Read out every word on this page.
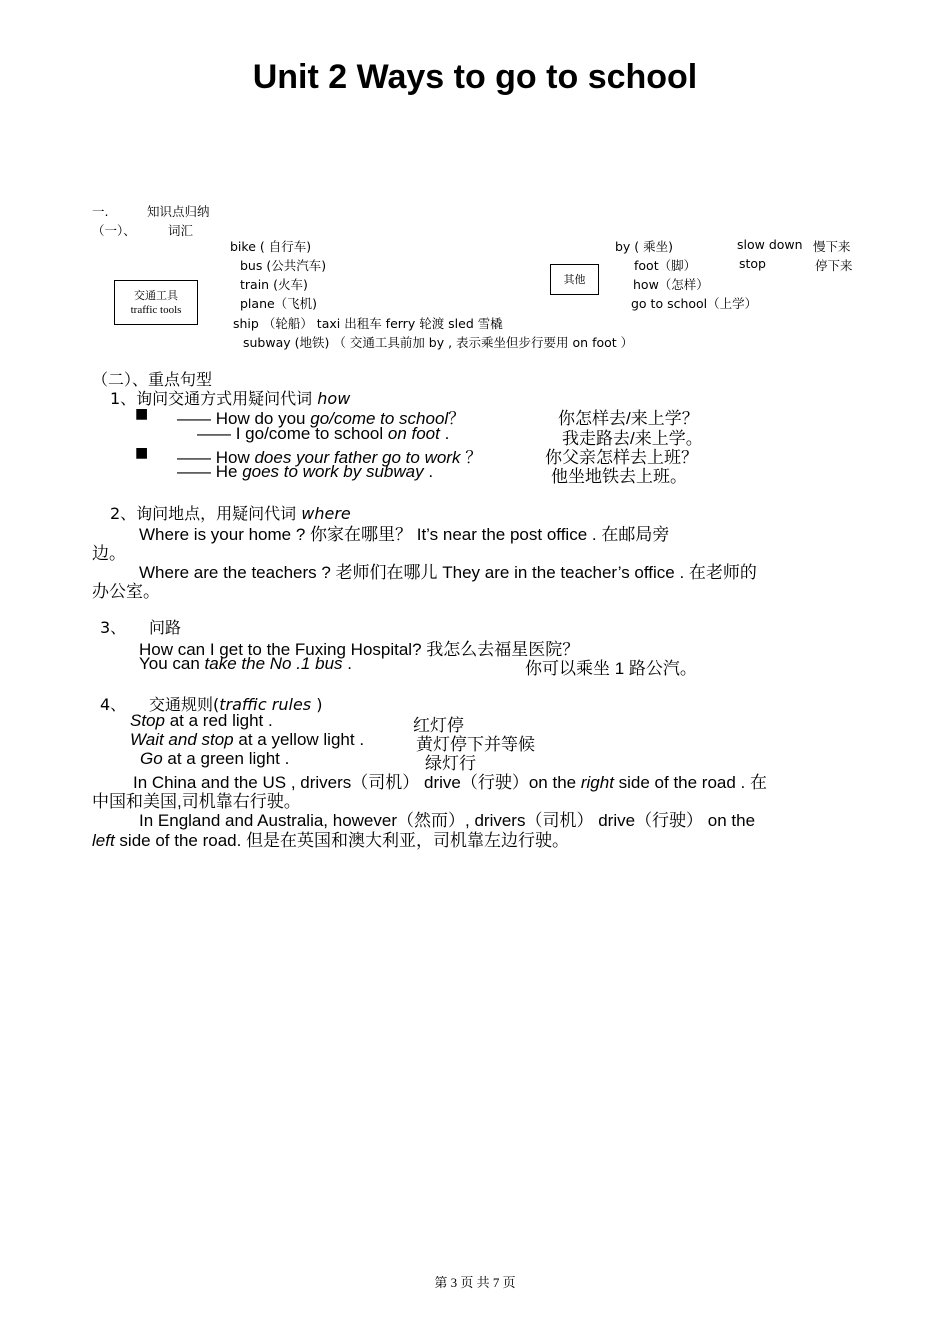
Unit 2 Ways to go to school
一.	知识点归纳
（一）、	词汇
bike ( 自行车)
bus (公共汽车)
train (火车)
plane（飞机)
ship （轮船） taxi 出租车 ferry 轮渡 sled 雪橇
subway (地铁) （ 交通工具前加 by , 表示乘坐但步行要用 on foot ）
交通工具
traffic tools
其他
by ( 乘坐)
foot（脚）
how（怎样）
go to school（上学）
slow down 慢下来
stop	停下来
（二）、重点句型
1、询问交通方式用疑问代词 how
■ —— How do you go/come to school？	你怎样去/来上学？
—— I go/come to school on foot .	我走路去/来上学。
■ —— How does your father go to work ？	你父亲怎样去上班？
—— He goes to work by subway .	他坐地铁去上班。
2、询问地点，用疑问代词 where
Where is your home ? 你家在哪里？ It’s near the post office . 在邮局旁
边。
Where are the teachers ? 老师们在哪儿 They are in the teacher’s office . 在老师的
办公室。
3、 问路
How can I get to the Fuxing Hospital? 我怎么去福星医院？
You can take the No .1 bus .	你可以乘坐 1 路公汽。
4、 交通规则(traffic rules )
Stop at a red light .	红灯停
Wait and stop at a yellow light .	黄灯停下并等候
Go at a green light .	绿灯行
In China and the US , drivers（司机） drive（行驶）on the right side of the road . 在
中国和美国,司机靠右行驶。
In England and Australia, however（然而）, drivers（司机） drive（行驶） on the
left side of the road. 但是在英国和澳大利亚，司机靠左边行驶。
第 3 页 共 7 页
